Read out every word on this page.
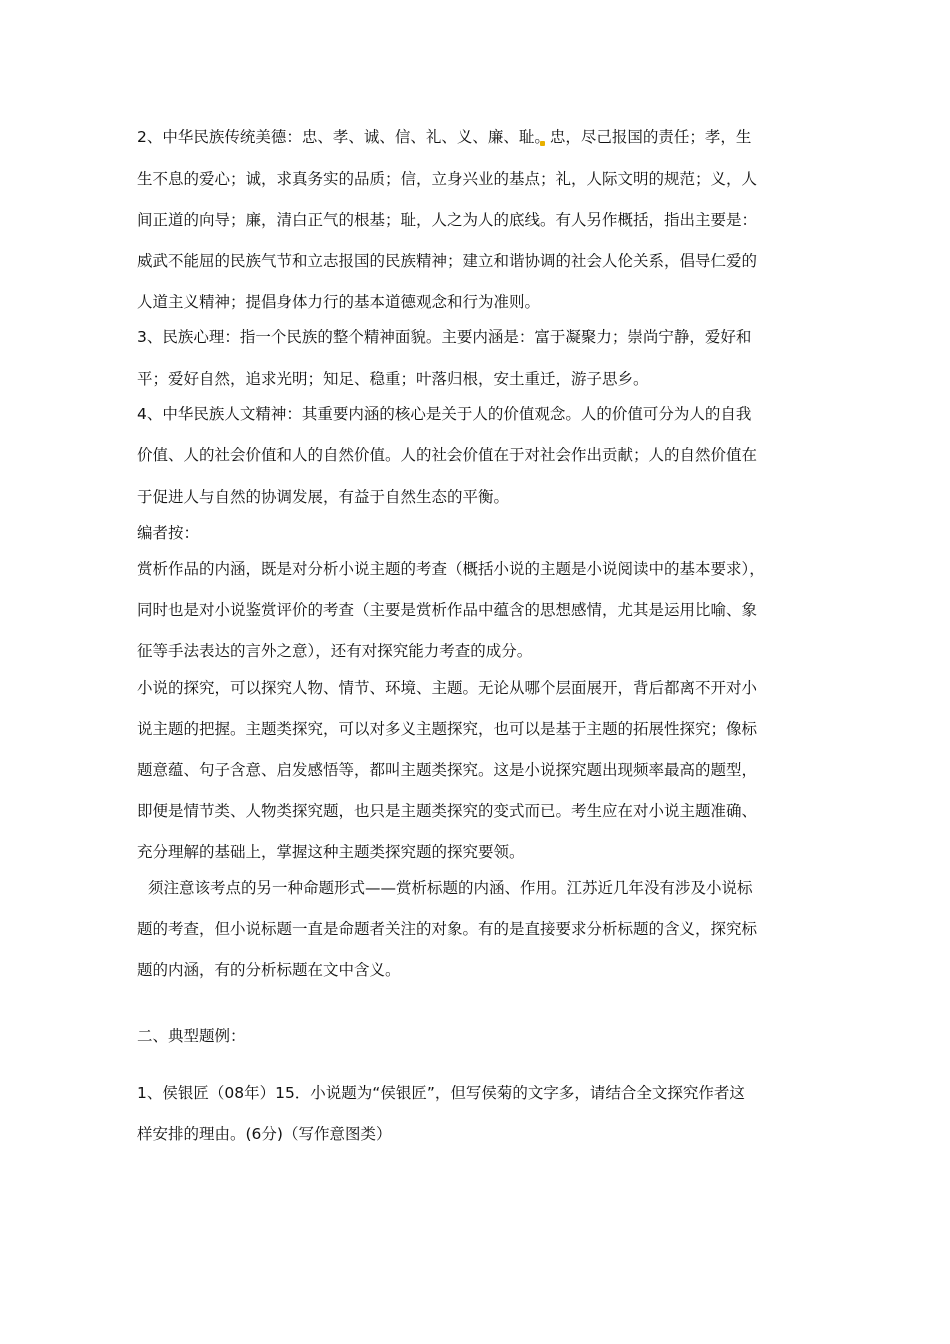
2、中华民族传统美德：忠、孝、诚、信、礼、义、廉、耻。忠，尽己报国的责任；孝，生
生不息的爱心；诚，求真务实的品质；信，立身兴业的基点；礼，人际文明的规范；义，人
间正道的向导；廉，清白正气的根基；耻，人之为人的底线。有人另作概括，指出主要是：
威武不能屈的民族气节和立志报国的民族精神；建立和谐协调的社会人伦关系，倡导仁爱的
人道主义精神；提倡身体力行的基本道德观念和行为准则。
3、民族心理：指一个民族的整个精神面貌。主要内涵是：富于凝聚力；崇尚宁静，爱好和
平；爱好自然，追求光明；知足、稳重；叶落归根，安土重迁，游子思乡。
4、中华民族人文精神：其重要内涵的核心是关于人的价值观念。人的价值可分为人的自我
价值、人的社会价值和人的自然价值。人的社会价值在于对社会作出贡献；人的自然价值在
于促进人与自然的协调发展，有益于自然生态的平衡。
编者按：
赏析作品的内涵，既是对分析小说主题的考查（概括小说的主题是小说阅读中的基本要求），
同时也是对小说鉴赏评价的考查（主要是赏析作品中蕴含的思想感情，尤其是运用比喻、象
征等手法表达的言外之意），还有对探究能力考查的成分。
小说的探究，可以探究人物、情节、环境、主题。无论从哪个层面展开，背后都离不开对小
说主题的把握。主题类探究，可以对多义主题探究，也可以是基于主题的拓展性探究；像标
题意蕴、句子含意、启发感悟等，都叫主题类探究。这是小说探究题出现频率最高的题型，
即便是情节类、人物类探究题，也只是主题类探究的变式而已。考生应在对小说主题准确、
充分理解的基础上，掌握这种主题类探究题的探究要领。
须注意该考点的另一种命题形式——赏析标题的内涵、作用。江苏近几年没有涉及小说标
题的考查，但小说标题一直是命题者关注的对象。有的是直接要求分析标题的含义，探究标
题的内涵，有的分析标题在文中含义。
二、典型题例：
1、侯银匠（08年）15．小说题为“侯银匠”，但写侯菊的文字多，请结合全文探究作者这
样安排的理由。(6分)（写作意图类）
